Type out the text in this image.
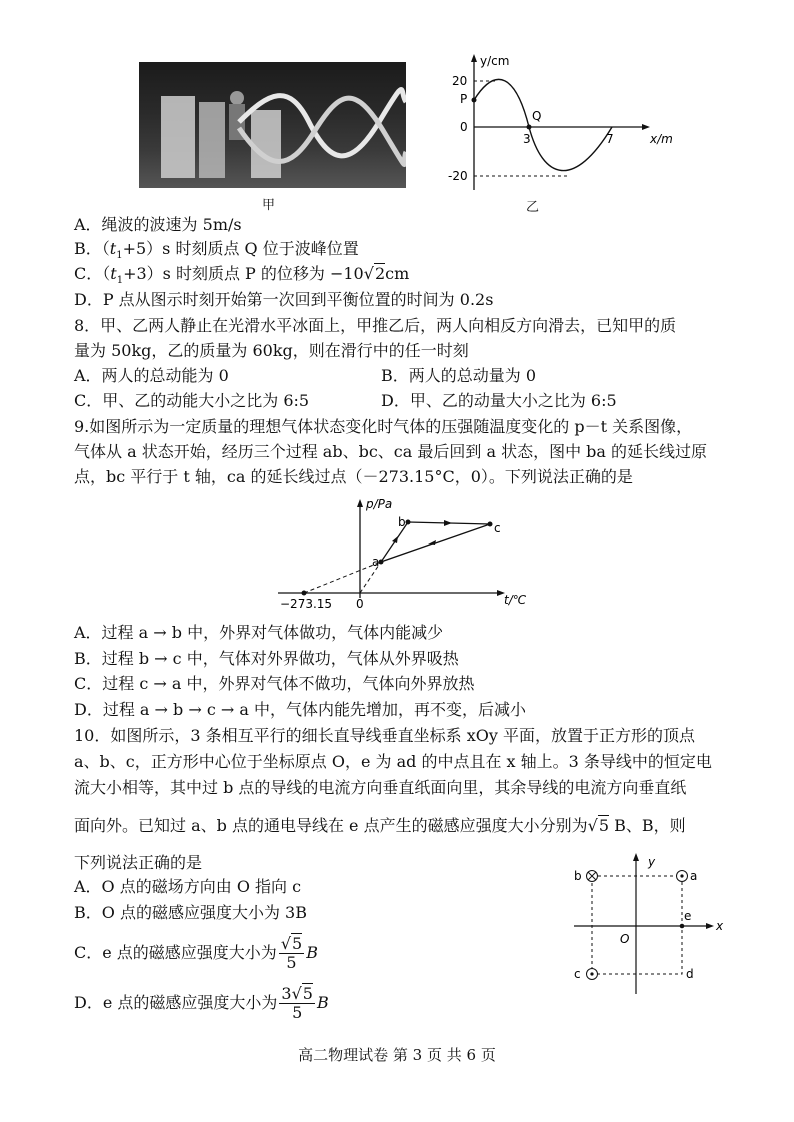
甲
y/cm
x/m
20
-20
0
P
Q
3	7
乙
A．绳波的波速为 5m/s
B．$(t_1+5)s$ 时刻质点 Q 位于波峰位置
C．$(t_1+3)s$ 时刻质点 P 的位移为 −10√2cm
D．P 点从图示时刻开始第一次回到平衡位置的时间为 0.2s
8．甲、乙两人静止在光滑水平冰面上，甲推乙后，两人向相反方向滑去，已知甲的质
量为 50kg，乙的质量为 60kg，则在滑行中的任一时刻
A．两人的总动能为 0	B．两人的总动量为 0
C．甲、乙的动能大小之比为 6:5	D．甲、乙的动量大小之比为 6:5
9.如图所示为一定质量的理想气体状态变化时气体的压强随温度变化的 p－t 关系图像，
气体从 a 状态开始，经历三个过程 ab、bc、ca 最后回到 a 状态，图中 ba 的延长线过原
点，bc 平行于 t 轴，ca 的延长线过点（－273.15°C，0）。下列说法正确的是
p/Pa
t/℃
−273.15 0
a
b	c
A．过程 a → b 中，外界对气体做功，气体内能减少
B．过程 b → c 中，气体对外界做功，气体从外界吸热
C．过程 c → a 中，外界对气体不做功，气体向外界放热
D．过程 a → b → c → a 中，气体内能先增加，再不变，后减小
10．如图所示，3 条相互平行的细长直导线垂直坐标系 xOy 平面，放置于正方形的顶点
a、b、c，正方形中心位于坐标原点 O，e 为 ad 的中点且在 x 轴上。3 条导线中的恒定电
流大小相等，其中过 b 点的导线的电流方向垂直纸面向里，其余导线的电流方向垂直纸
面向外。已知过 a、b 点的通电导线在 e 点产生的磁感应强度大小分别为√5 B、B，则
下列说法正确的是
A．O 点的磁场方向由 O 指向 c
B．O 点的磁感应强度大小为 3B
C．e 点的磁感应强度大小为 $\frac{√5}{5}$ B
D．e 点的磁感应强度大小为 $\frac{3√5}{5}$ B
y
x
O
a
b
c	d
e
高二物理试卷 第 3 页 共 6 页
